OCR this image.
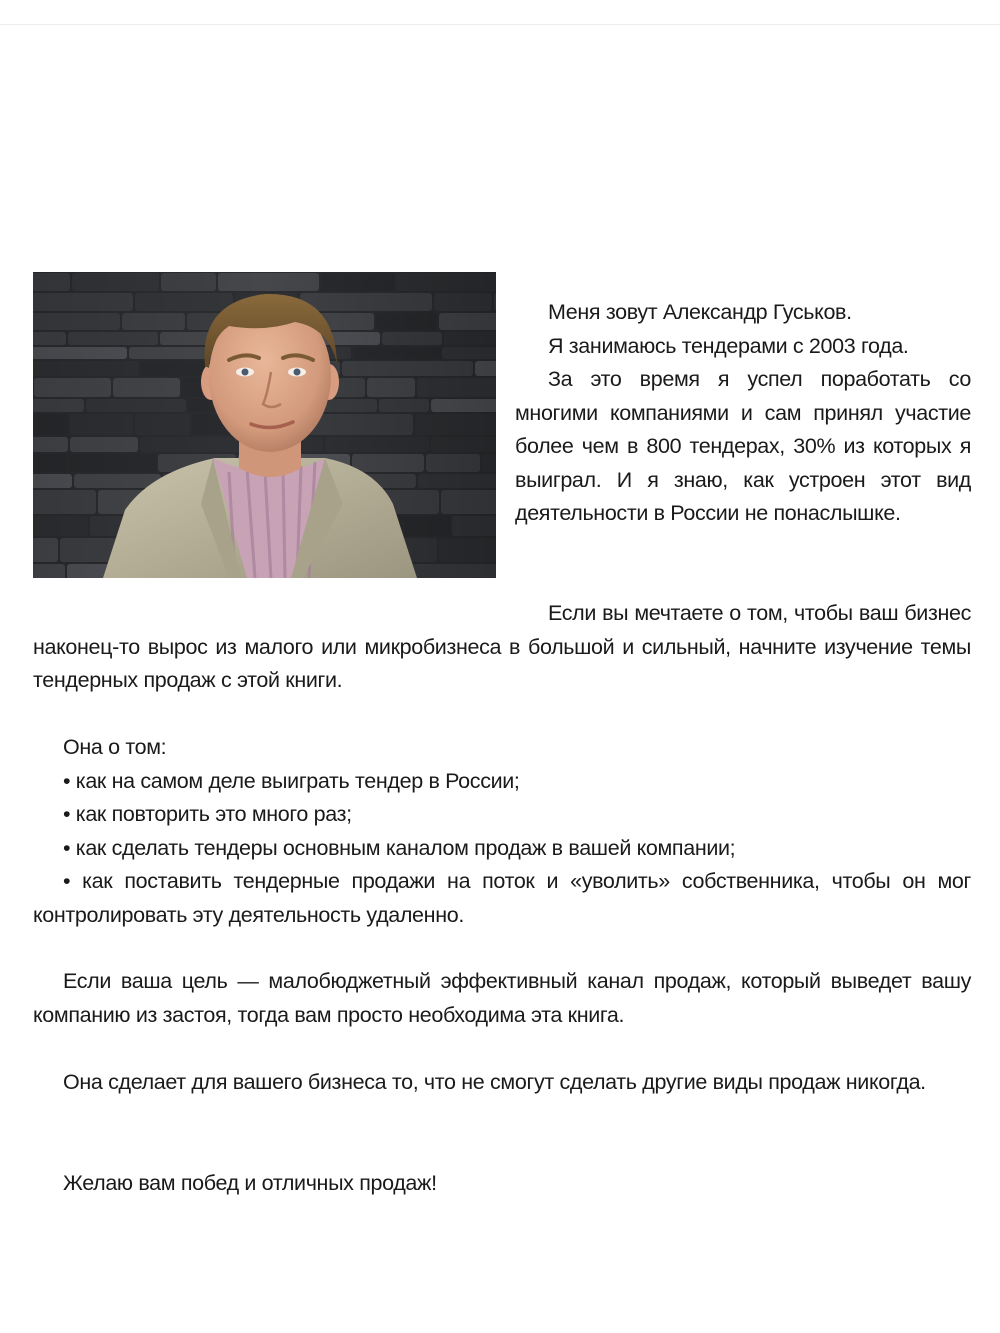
Меня зовут Александр Гуськов.

Я занимаюсь тендерами с 2003 года.

За это время я успел поработать со многими компаниями и сам принял участие более чем в 800 тендерах, 30% из которых я выиграл. И я знаю, как устроен этот вид деятельности в России не понаслышке.

Если вы мечтаете о том, чтобы ваш бизнес наконец-то вырос из малого или микробизнеса в большой и сильный, начните изучение темы тендерных продаж с этой книги.

Она о том:

• как на самом деле выиграть тендер в России;

• как повторить это много раз;

• как сделать тендеры основным каналом продаж в вашей компании;

• как поставить тендерные продажи на поток и «уволить» собственника, чтобы он мог контролировать эту деятельность удаленно.

Если ваша цель — малобюджетный эффективный канал продаж, который выведет вашу компанию из застоя, тогда вам просто необходима эта книга.

Она сделает для вашего бизнеса то, что не смогут сделать другие виды продаж никогда.

Желаю вам побед и отличных продаж!
